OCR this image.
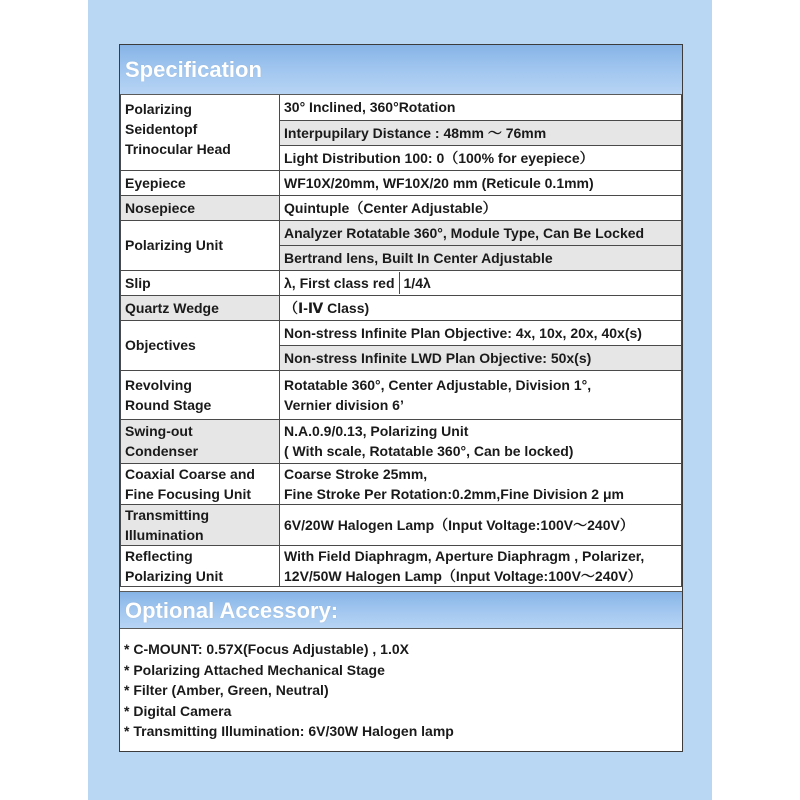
Specification
Polarizing
Seidentopf
Trinocular Head	30° Inclined, 360°Rotation
	Interpupilary Distance : 48mm ～ 76mm
	Light Distribution 100: 0（100% for eyepiece）
Eyepiece	WF10X/20mm, WF10X/20 mm (Reticule 0.1mm)
Nosepiece	Quintuple（Center Adjustable）
Polarizing Unit	Analyzer Rotatable 360°, Module Type, Can Be Locked
	Bertrand lens, Built In Center Adjustable
Slip	λ, First class red 1/4λ
Quartz Wedge	（Ⅰ-Ⅳ Class)
Objectives	Non-stress Infinite Plan Objective: 4x, 10x, 20x, 40x(s)
	Non-stress Infinite LWD Plan Objective: 50x(s)
Revolving
Round Stage	Rotatable 360°, Center Adjustable, Division 1°,
Vernier division 6’
Swing-out
Condenser	N.A.0.9/0.13, Polarizing Unit
( With scale, Rotatable 360°, Can be locked)
Coaxial Coarse and
Fine Focusing Unit	Coarse Stroke 25mm,
Fine Stroke Per Rotation:0.2mm,Fine Division 2 μm
Transmitting
Illumination	6V/20W Halogen Lamp（Input Voltage:100V～240V）
Reflecting
Polarizing Unit	With Field Diaphragm, Aperture Diaphragm , Polarizer,
12V/50W Halogen Lamp（Input Voltage:100V～240V）
Optional Accessory:
* C-MOUNT: 0.57X(Focus Adjustable) , 1.0X
* Polarizing Attached Mechanical Stage
* Filter (Amber, Green, Neutral)
* Digital Camera
* Transmitting Illumination: 6V/30W Halogen lamp
